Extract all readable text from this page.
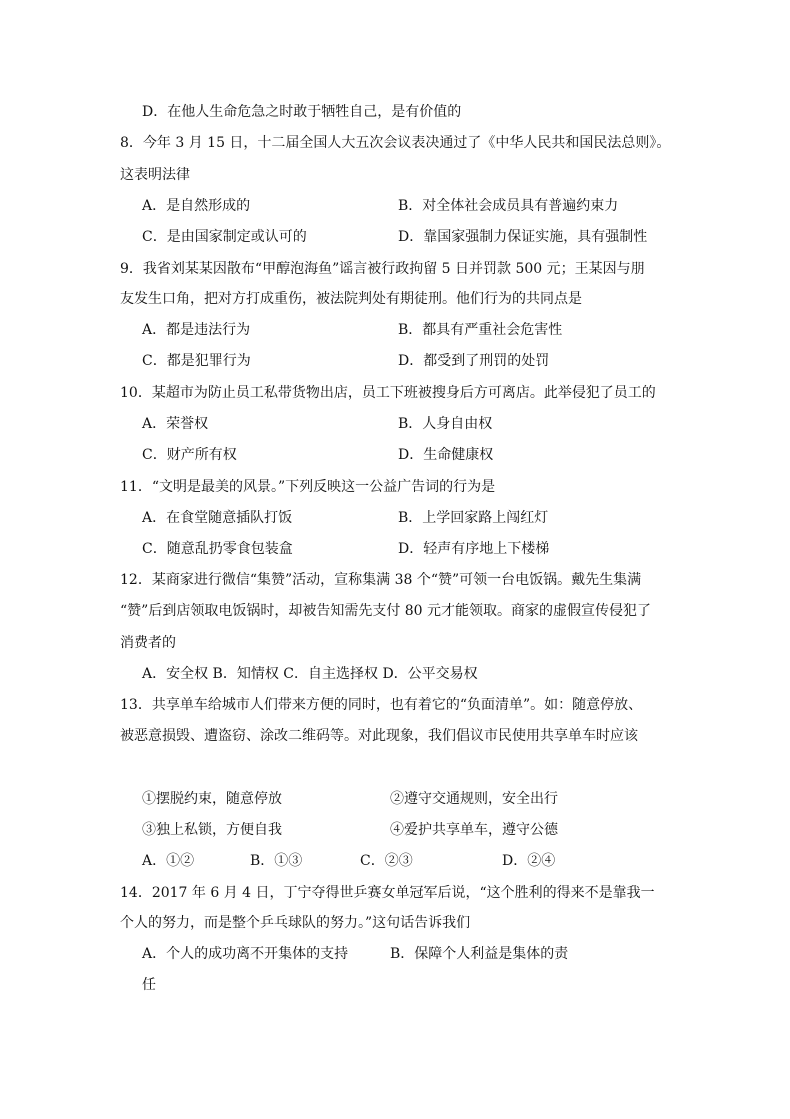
D．在他人生命危急之时敢于牺牲自己，是有价值的
8．今年 3 月 15 日，十二届全国人大五次会议表决通过了《中华人民共和国民法总则》。
这表明法律
A．是自然形成的	B．对全体社会成员具有普遍约束力
C．是由国家制定或认可的	D．靠国家强制力保证实施，具有强制性
9．我省刘某某因散布“甲醇泡海鱼”谣言被行政拘留 5 日并罚款 500 元；王某因与朋
友发生口角，把对方打成重伤，被法院判处有期徒刑。他们行为的共同点是
A．都是违法行为	B．都具有严重社会危害性
C．都是犯罪行为	D．都受到了刑罚的处罚
10．某超市为防止员工私带货物出店，员工下班被搜身后方可离店。此举侵犯了员工的
A．荣誉权	B．人身自由权
C．财产所有权	D．生命健康权
11．“文明是最美的风景。”下列反映这一公益广告词的行为是
A．在食堂随意插队打饭	B．上学回家路上闯红灯
C．随意乱扔零食包装盒	D．轻声有序地上下楼梯
12．某商家进行微信“集赞”活动，宣称集满 38 个“赞”可领一台电饭锅。戴先生集满
“赞”后到店领取电饭锅时，却被告知需先支付 80 元才能领取。商家的虚假宣传侵犯了
消费者的
A．安全权 B．知情权 C．自主选择权 D．公平交易权
13．共享单车给城市人们带来方便的同时，也有着它的“负面清单”。如：随意停放、
被恶意损毁、遭盗窃、涂改二维码等。对此现象，我们倡议市民使用共享单车时应该
①摆脱约束，随意停放	②遵守交通规则，安全出行
③独上私锁，方便自我	④爱护共享单车，遵守公德
A．①②	B．①③	C．②③	D．②④
14．2017 年 6 月 4 日，丁宁夺得世乒赛女单冠军后说，“这个胜利的得来不是靠我一
个人的努力，而是整个乒乓球队的努力。”这句话告诉我们
A．个人的成功离不开集体的支持	B．保障个人利益是集体的责
任
